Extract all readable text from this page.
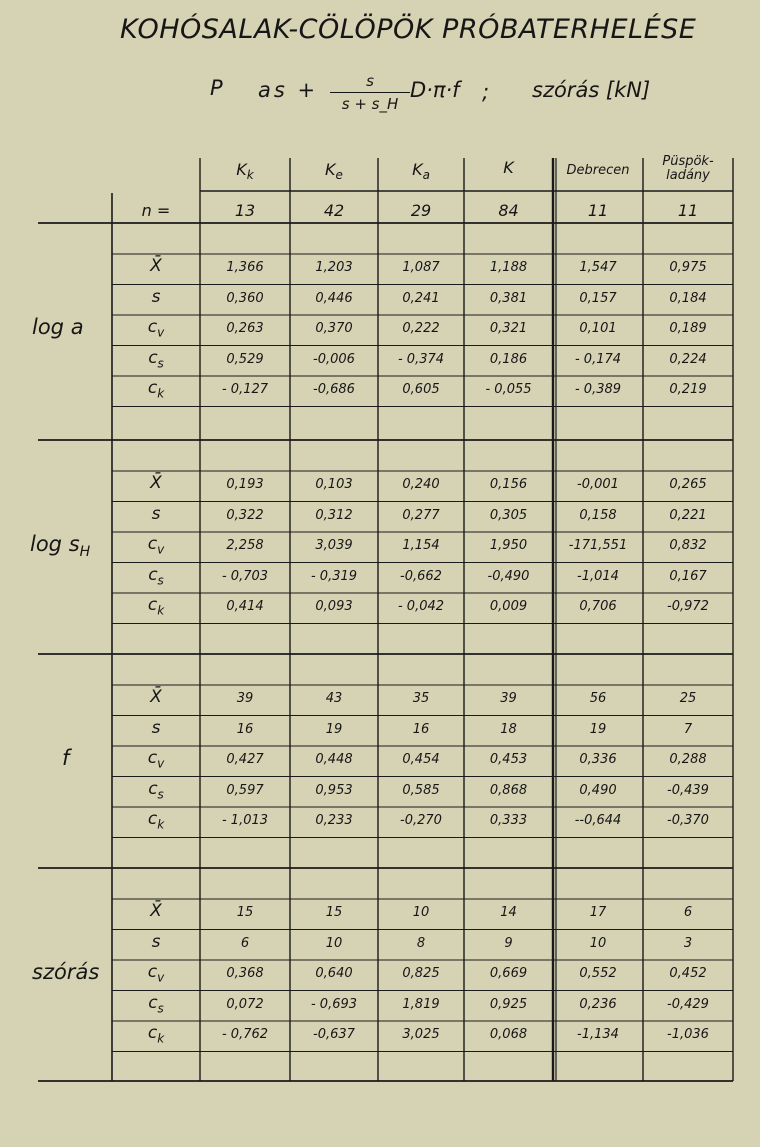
KOHÓSALAK-CÖLÖPÖK PRÓBATERHELÉSE
P as +	s
s + s_H
D·π·f ; szórás [kN]
$K_k$	$K_e$	$K_a$	K	Debrecen
Püspök-
ladány
n =	13	42	29	84	11	11
log a
X̄	1,366	1,203	1,087	1,188	1,547	0,975
s	0,360	0,446	0,241	0,381	0,157	0,184
$c_v$	0,263	0,370	0,222	0,321	0,101	0,189
$c_s$	0,529	-0,006	- 0,374	0,186	- 0,174	0,224
$c_k$	- 0,127	-0,686	0,605	- 0,055	- 0,389	0,219
$\log s_H$
X̄	0,193	0,103	0,240	0,156	-0,001	0,265
s	0,322	0,312	0,277	0,305	0,158	0,221
$c_v$	2,258	3,039	1,154	1,950	-171,551	0,832
$c_s$	- 0,703	- 0,319	-0,662	-0,490	-1,014	0,167
$c_k$	0,414	0,093	- 0,042	0,009	0,706	-0,972
f
X̄	39	43	35	39	56	25
s	16	19	16	18	19	7
$c_v$	0,427	0,448	0,454	0,453	0,336	0,288
$c_s$	0,597	0,953	0,585	0,868	0,490	-0,439
$c_k$	- 1,013	0,233	-0,270	0,333	--0,644	-0,370
szórás
X̄	15	15	10	14	17	6
s	6	10	8	9	10	3
$c_v$	0,368	0,640	0,825	0,669	0,552	0,452
$c_s$	0,072	- 0,693	1,819	0,925	0,236	-0,429
$c_k$	- 0,762	-0,637	3,025	0,068	-1,134	-1,036
